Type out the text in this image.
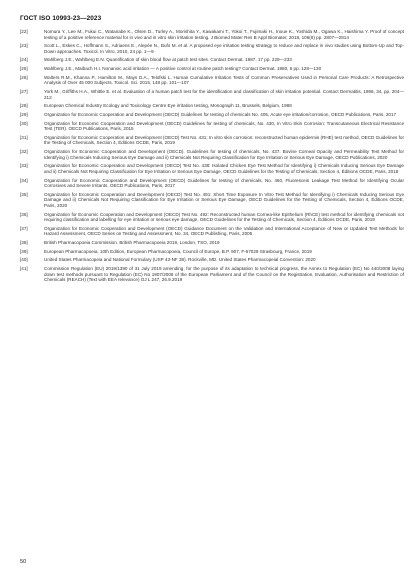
ГОСТ ISO 10993-23—2023
[22]	Nomura Y., Lee M., Fukui C., Watanabe K., Olsen D., Turley A., Morishita Y., Kawakami T., Yokoi T., Fujimaki H., Inoue K., Yoshida M., Ogawa K., Haishima Y. Proof of concept testing of a positive reference material for in vivo and in vitro skin irritation testing. J Biomed Mater Res B Appl Biomater, 2018, 106(8) pp. 2807—2814
[23]	Scott L., Eskes C., Hoffmann S., Adriaens E., Alepée N., Bufo M. et al. A proposed eye irritation testing strategy to reduce and replace in vivo studies using Bottom-Up and Top-Down approaches. Toxicol. In Vitro, 2010, 24 pp. 1—9
[24]	Wahlberg J.E., Wahlberg E.N. Quantification of skin blood flow at patch test sites. Contact Dermat. 1987, 17 pp. 229—233
[25]	Wahlberg J.E., Maibach H.I. Nonanoic acid irritation — A positive control at routine patch testing? Contact Dermat. 1980, 6 pp. 128—130
[26]	Walters R.M., Khanna P., Hamilton M., Mays D.A., Telofski L. Human Cumulative Irritation Tests of Common Preservatives Used in Personal Care Products: A Retrospective Analysis of Over 45 000 Subjects. Toxicol. Sci. 2015, 148 pp. 101—107
[27]	York M., Griffiths H.A., Whittle E. et al. Evaluation of a human patch test for the identification and classification of skin irritation potential. Contact Dermatitis, 1996, 34, pp. 204—212
[28]	European Chemical Industry Ecology and Toxicology Centre Eye irritation testing, Monograph 11, Brussels, Belgium, 1988
[29]	Organization for Economic Cooperation and Development (OECD) Guidelines for testing of chemicals No. 405, Acute eye irritation/corrosion, OECD Publications, Paris, 2017
[30]	Organization for Economic Cooperation and Development (OECD) Guidelines for testing of chemicals, No. 430, In Vitro Skin Corrosion: Transcutaneous Electrical Resistance Test (TER). OECD Publications, Paris, 2015
[31]	Organization for Economic Cooperation and Development (OECD) Test No. 431: In vitro skin corrosion: reconstructed human epidermis (RHE) test method, OECD Guidelines for the Testing of Chemicals, Section 4, Éditions OCDE, Paris, 2019
[32]	Organization for Economic Cooperation and Development (OECD). Guidelines for testing of chemicals, No. 437. Bovine Corneal Opacity and Permeability Test Method for Identifying i) Chemicals Inducing Serious Eye Damage and ii) Chemicals Not Requiring Classification for Eye Irritation or Serious Eye Damage, OECD Publications, 2020
[33]	Organization for Economic Cooperation and Development (OECD) Test No. 438: Isolated Chicken Eye Test Method for Identifying i) Chemicals Inducing Serious Eye Damage and ii) Chemicals Not Requiring Classification for Eye Irritation or Serious Eye Damage, OECD Guidelines for the Testing of Chemicals, Section 4, Éditions OCDE, Paris, 2018
[34]	Organization for Economic Cooperation and Development (OECD) Guidelines for testing of chemicals, No. 460, Fluorescein Leakage Test Method for Identifying Ocular Corrosives and Severe Irritants. OECD Publications, Paris, 2017
[35]	Organization for Economic Cooperation and Development (OECD) Test No. 491: Short Time Exposure In Vitro Test Method for Identifying i) Chemicals Inducing Serious Eye Damage and ii) Chemicals Not Requiring Classification for Eye Irritation or Serious Eye Damage, OECD Guidelines for the Testing of Chemicals, Section 4, Éditions OCDE, Paris, 2020
[36]	Organization for Economic Cooperation and Development (OECD) Test No. 492: Reconstructed human Cornea-like Epithelium (RhCE) test method for identifying chemicals not requiring classification and labelling for eye irritation or serious eye damage, OECD Guidelines for the Testing of Chemicals, Section 4, Éditions OCDE, Paris, 2019
[37]	Organization for Economic Cooperation and Development (OECD) Guidance Document on the Validation and International Acceptance of New or Updated Test Methods for Hazard Assessment, OECD Series on Testing and Assessment, No. 34, OECD Publishing, Paris, 2005
[38]	British Pharmacopoeia Commission. British Pharmacopoeia 2019, London, TSO, 2019
[39]	European Pharmacopoeia, 10th Edition, European Pharmacopoeia, Council of Europe, B.P. 907, F-67029 Strasbourg, France, 2019
[40]	United States Pharmacopeia and National Formulary (USP 43-NF 38). Rockville, MD. United States Pharmacopeial Convention: 2020
[41]	Commission Regulation (EU) 2019/1390 of 31 July 2019 amending, for the purpose of its adaptation to technical progress, the Annex to Regulation (EC) No 440/2008 laying down test methods pursuant to Regulation (EC) No 1907/2006 of the European Parliament and of the Council on the Registration, Evaluation, Authorisation and Restriction of Chemicals (REACH) (Text with EEA relevance) OJ L 247, 26.9.2019
50
